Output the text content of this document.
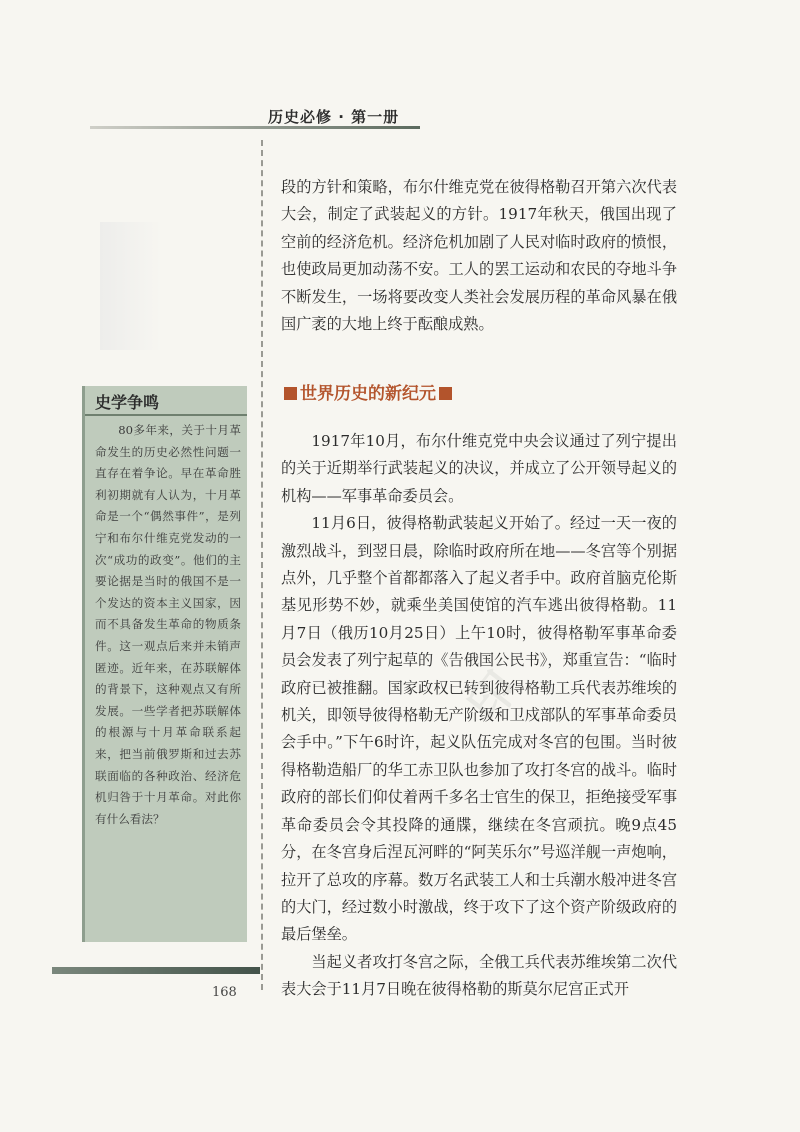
历史必修 · 第一册

段的方针和策略，布尔什维克党在彼得格勒召开第六次代表大会，制定了武装起义的方针。1917年秋天，俄国出现了空前的经济危机。经济危机加剧了人民对临时政府的愤恨，也使政局更加动荡不安。工人的罢工运动和农民的夺地斗争不断发生，一场将要改变人类社会发展历程的革命风暴在俄国广袤的大地上终于酝酿成熟。

世界历史的新纪元

1917年10月，布尔什维克党中央会议通过了列宁提出的关于近期举行武装起义的决议，并成立了公开领导起义的机构——军事革命委员会。

11月6日，彼得格勒武装起义开始了。经过一天一夜的激烈战斗，到翌日晨，除临时政府所在地——冬宫等个别据点外，几乎整个首都都落入了起义者手中。政府首脑克伦斯基见形势不妙，就乘坐美国使馆的汽车逃出彼得格勒。11月7日（俄历10月25日）上午10时，彼得格勒军事革命委员会发表了列宁起草的《告俄国公民书》，郑重宣告：“临时政府已被推翻。国家政权已转到彼得格勒工兵代表苏维埃的机关，即领导彼得格勒无产阶级和卫戍部队的军事革命委员会手中。”下午6时许，起义队伍完成对冬宫的包围。当时彼得格勒造船厂的华工赤卫队也参加了攻打冬宫的战斗。临时政府的部长们仰仗着两千多名士官生的保卫，拒绝接受军事革命委员会令其投降的通牒，继续在冬宫顽抗。晚9点45分，在冬宫身后涅瓦河畔的“阿芙乐尔”号巡洋舰一声炮响，拉开了总攻的序幕。数万名武装工人和士兵潮水般冲进冬宫的大门，经过数小时激战，终于攻下了这个资产阶级政府的最后堡垒。

当起义者攻打冬宫之际，全俄工兵代表苏维埃第二次代表大会于11月7日晚在彼得格勒的斯莫尔尼宫正式开

史学争鸣

80多年来，关于十月革命发生的历史必然性问题一直存在着争论。早在革命胜利初期就有人认为，十月革命是一个“偶然事件”，是列宁和布尔什维克党发动的一次“成功的政变”。他们的主要论据是当时的俄国不是一个发达的资本主义国家，因而不具备发生革命的物质条件。这一观点后来并未销声匿迹。近年来，在苏联解体的背景下，这种观点又有所发展。一些学者把苏联解体的根源与十月革命联系起来，把当前俄罗斯和过去苏联面临的各种政治、经济危机归咎于十月革命。对此你有什么看法？

168
印
